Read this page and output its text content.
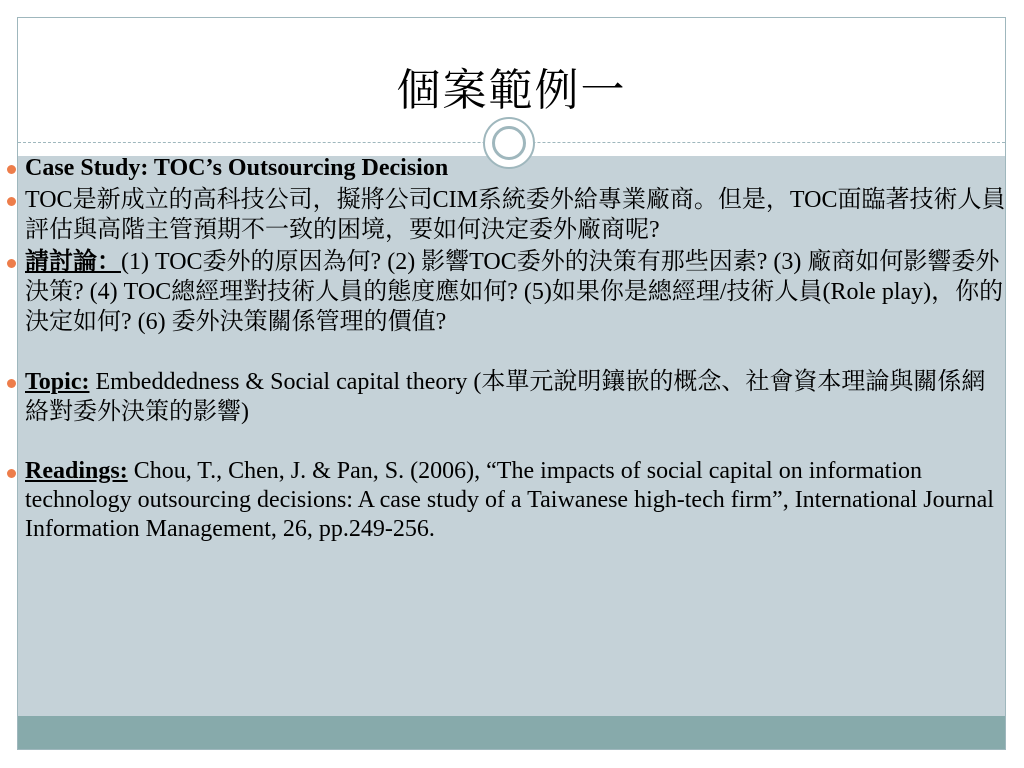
個案範例一
Case Study: TOC’s Outsourcing Decision
TOC是新成立的高科技公司，擬將公司CIM系統委外給專業廠商。但是，TOC面臨著技術人員評估與高階主管預期不一致的困境，要如何決定委外廠商呢?
請討論：(1) TOC委外的原因為何? (2) 影響TOC委外的決策有那些因素? (3) 廠商如何影響委外決策? (4) TOC總經理對技術人員的態度應如何? (5)如果你是總經理/技術人員(Role play)，你的決定如何? (6) 委外決策關係管理的價值?
Topic: Embeddedness & Social capital theory (本單元說明鑲嵌的概念、社會資本理論與關係網絡對委外決策的影響)
Readings: Chou, T., Chen, J. & Pan, S. (2006), “The impacts of social capital on information technology outsourcing decisions: A case study of a Taiwanese high-tech firm”, International Journal Information Management, 26, pp.249-256.
